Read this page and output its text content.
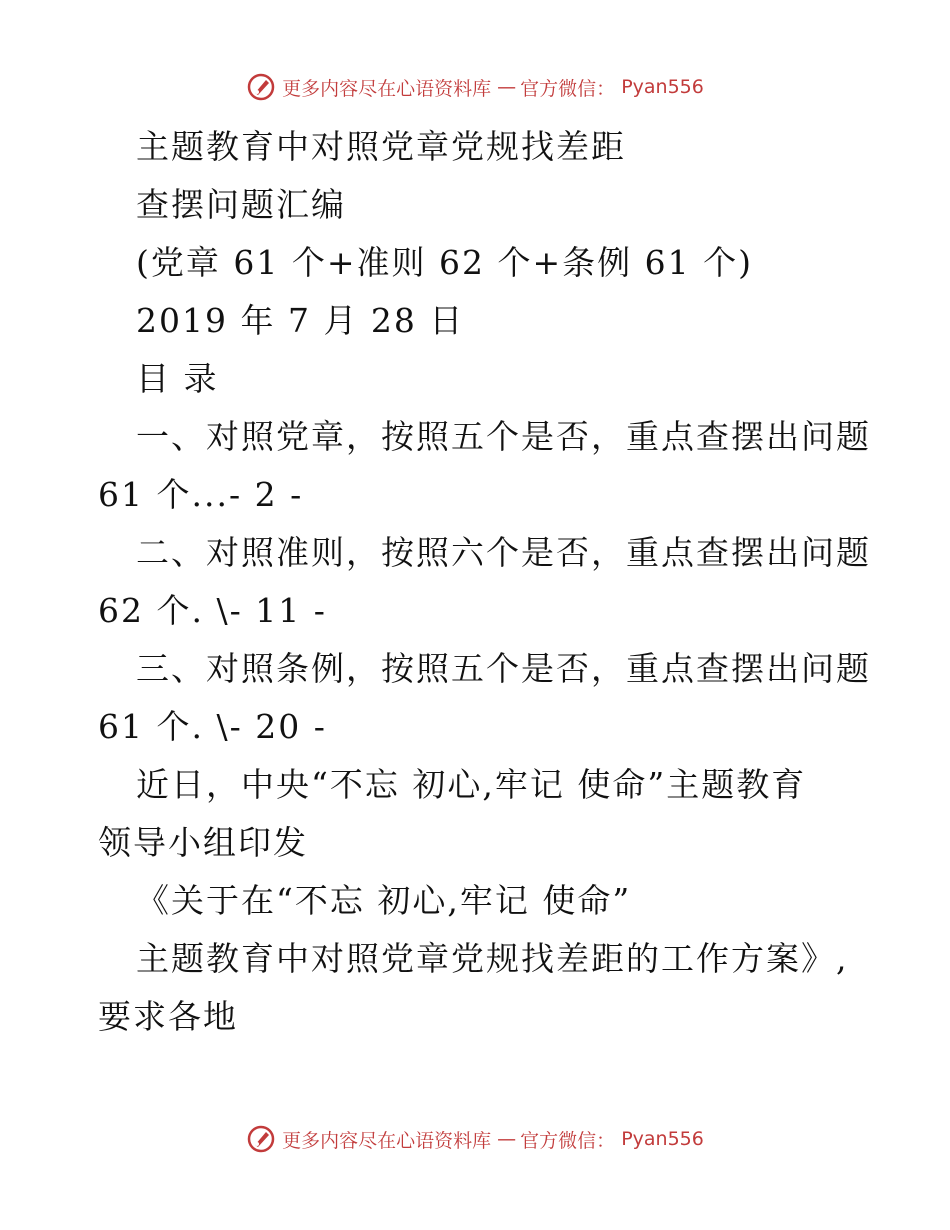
更多内容尽在心语资料库 — 官方微信： Pyan556
主题教育中对照党章党规找差距
查摆问题汇编
(党章 61 个+准则 62 个+条例 61 个)
2019 年 7 月 28 日
目 录
一、对照党章，按照五个是否，重点查摆出问题
61 个...- 2 -
二、对照准则，按照六个是否，重点查摆出问题
62 个. \- 11 -
三、对照条例，按照五个是否，重点查摆出问题
61 个. \- 20 -
近日，中央“不忘 初心,牢记 使命”主题教育
领导小组印发
《关于在“不忘 初心,牢记 使命”
主题教育中对照党章党规找差距的工作方案》,
要求各地
更多内容尽在心语资料库 — 官方微信： Pyan556
